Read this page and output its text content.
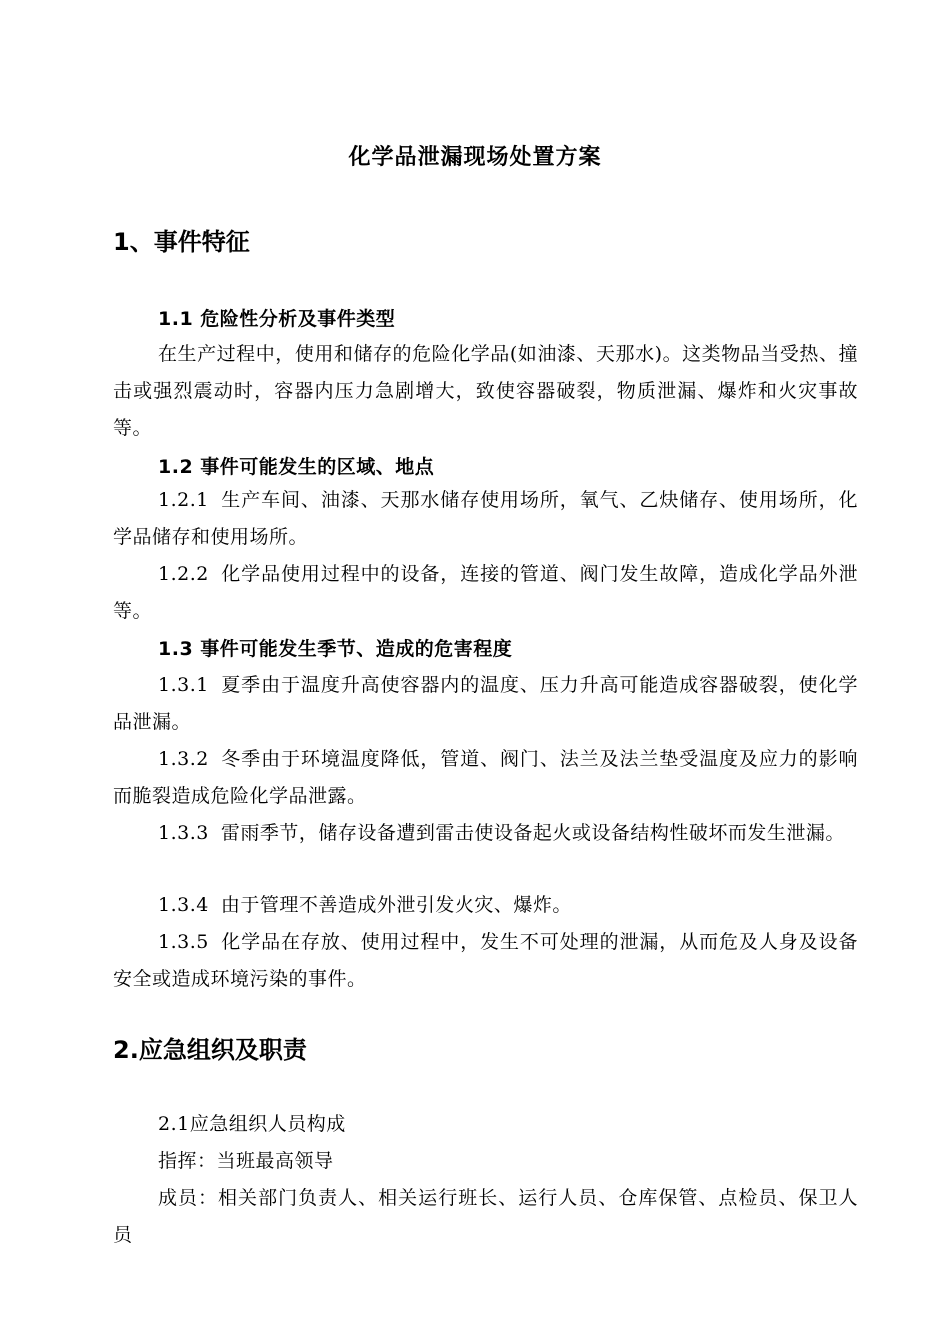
化学品泄漏现场处置方案
1、事件特征
1.1 危险性分析及事件类型
在生产过程中，使用和储存的危险化学品(如油漆、天那水)。这类物品当受热、撞击或强烈震动时，容器内压力急剧增大，致使容器破裂，物质泄漏、爆炸和火灾事故等。
1.2 事件可能发生的区域、地点
1.2.1 生产车间、油漆、天那水储存使用场所，氧气、乙炔储存、使用场所，化学品储存和使用场所。
1.2.2 化学品使用过程中的设备，连接的管道、阀门发生故障，造成化学品外泄等。
1.3 事件可能发生季节、造成的危害程度
1.3.1 夏季由于温度升高使容器内的温度、压力升高可能造成容器破裂，使化学品泄漏。
1.3.2 冬季由于环境温度降低，管道、阀门、法兰及法兰垫受温度及应力的影响而脆裂造成危险化学品泄露。
1.3.3 雷雨季节，储存设备遭到雷击使设备起火或设备结构性破坏而发生泄漏。
1.3.4 由于管理不善造成外泄引发火灾、爆炸。
1.3.5 化学品在存放、使用过程中，发生不可处理的泄漏，从而危及人身及设备安全或造成环境污染的事件。
2.应急组织及职责
2.1应急组织人员构成
指挥：当班最高领导
成员：相关部门负责人、相关运行班长、运行人员、仓库保管、点检员、保卫人员
